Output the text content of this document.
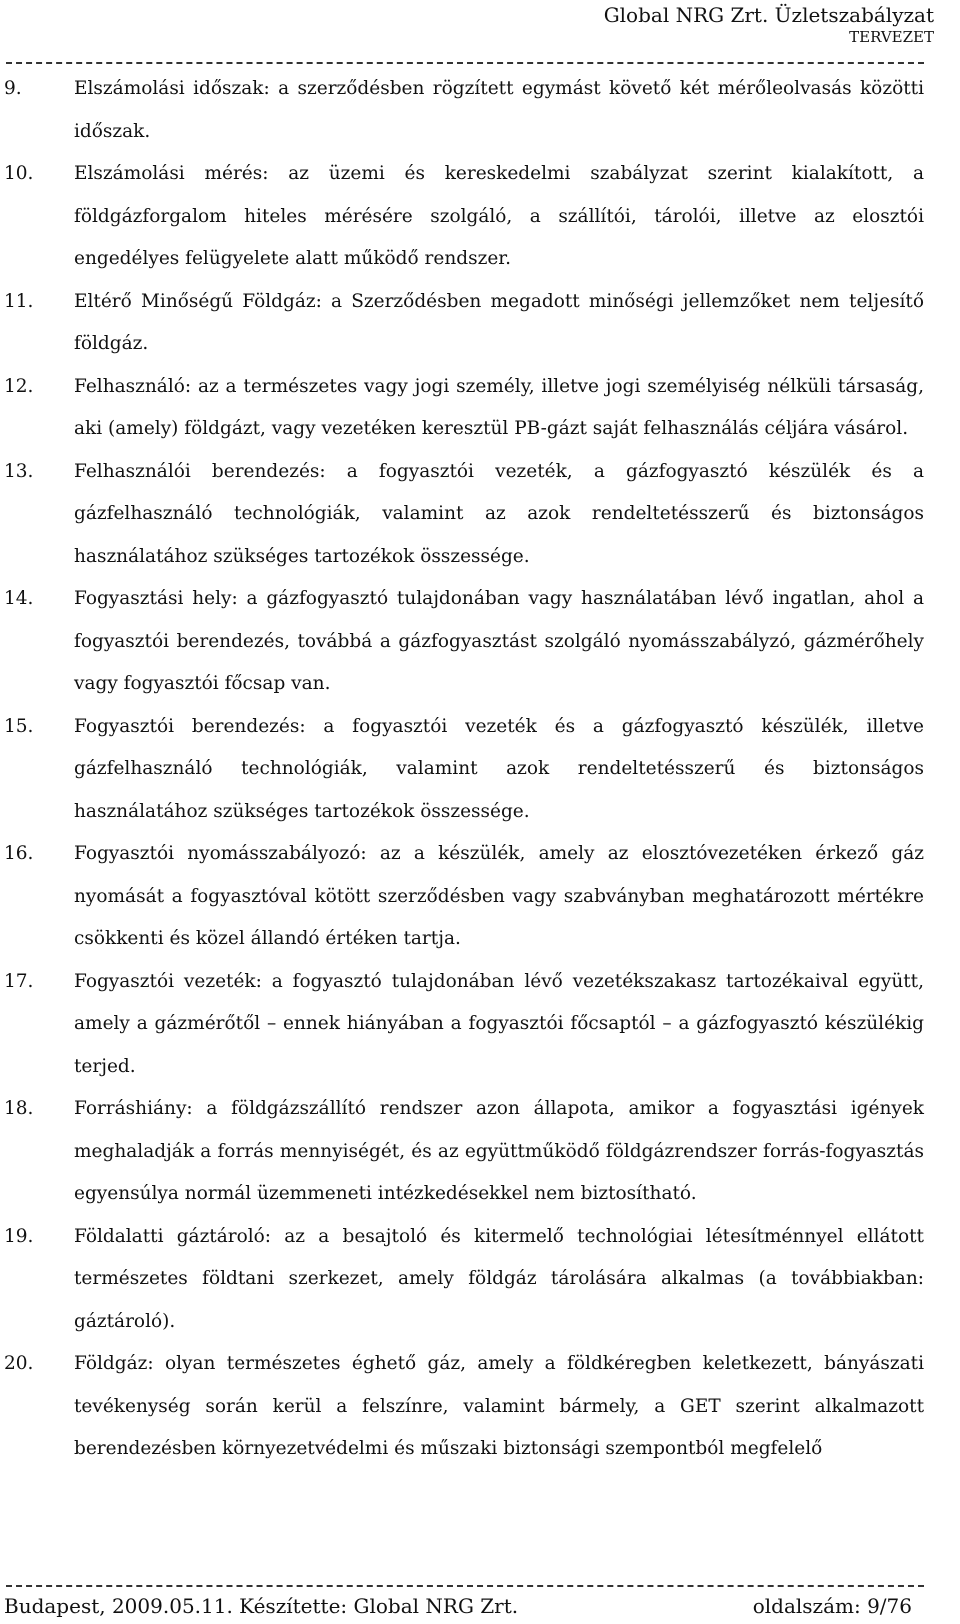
Global NRG Zrt. Üzletszabályzat
TERVEZET

9.	Elszámolási időszak: a szerződésben rögzített egymást követő két mérőleolvasás közötti időszak.

10. Elszámolási mérés: az üzemi és kereskedelmi szabályzat szerint kialakított, a földgázforgalom hiteles mérésére szolgáló, a szállítói, tárolói, illetve az elosztói engedélyes felügyelete alatt működő rendszer.

11. Eltérő Minőségű Földgáz: a Szerződésben megadott minőségi jellemzőket nem teljesítő földgáz.

12. Felhasználó: az a természetes vagy jogi személy, illetve jogi személyiség nélküli társaság, aki (amely) földgázt, vagy vezetéken keresztül PB-gázt saját felhasználás céljára vásárol.

13. Felhasználói berendezés: a fogyasztói vezeték, a gázfogyasztó készülék és a gázfelhasználó technológiák, valamint az azok rendeltetésszerű és biztonságos használatához szükséges tartozékok összessége.

14. Fogyasztási hely: a gázfogyasztó tulajdonában vagy használatában lévő ingatlan, ahol a fogyasztói berendezés, továbbá a gázfogyasztást szolgáló nyomásszabályzó, gázmérőhely vagy fogyasztói főcsap van.

15. Fogyasztói berendezés: a fogyasztói vezeték és a gázfogyasztó készülék, illetve gázfelhasználó technológiák, valamint azok rendeltetésszerű és biztonságos használatához szükséges tartozékok összessége.

16. Fogyasztói nyomásszabályozó: az a készülék, amely az elosztóvezetéken érkező gáz nyomását a fogyasztóval kötött szerződésben vagy szabványban meghatározott mértékre csökkenti és közel állandó értéken tartja.

17. Fogyasztói vezeték: a fogyasztó tulajdonában lévő vezetékszakasz tartozékaival együtt, amely a gázmérőtől – ennek hiányában a fogyasztói főcsaptól – a gázfogyasztó készülékig terjed.

18. Forráshiány: a földgázszállító rendszer azon állapota, amikor a fogyasztási igények meghaladják a forrás mennyiségét, és az együttműködő földgázrendszer forrás-fogyasztás egyensúlya normál üzemmeneti intézkedésekkel nem biztosítható.

19. Földalatti gáztároló: az a besajtoló és kitermelő technológiai létesítménnyel ellátott természetes földtani szerkezet, amely földgáz tárolására alkalmas (a továbbiakban: gáztároló).

20. Földgáz: olyan természetes éghető gáz, amely a földkéregben keletkezett, bányászati tevékenység során kerül a felszínre, valamint bármely, a GET szerint alkalmazott berendezésben környezetvédelmi és műszaki biztonsági szempontból megfelelő

Budapest, 2009.05.11. Készítette: Global NRG Zrt.	oldalszám: 9/76
